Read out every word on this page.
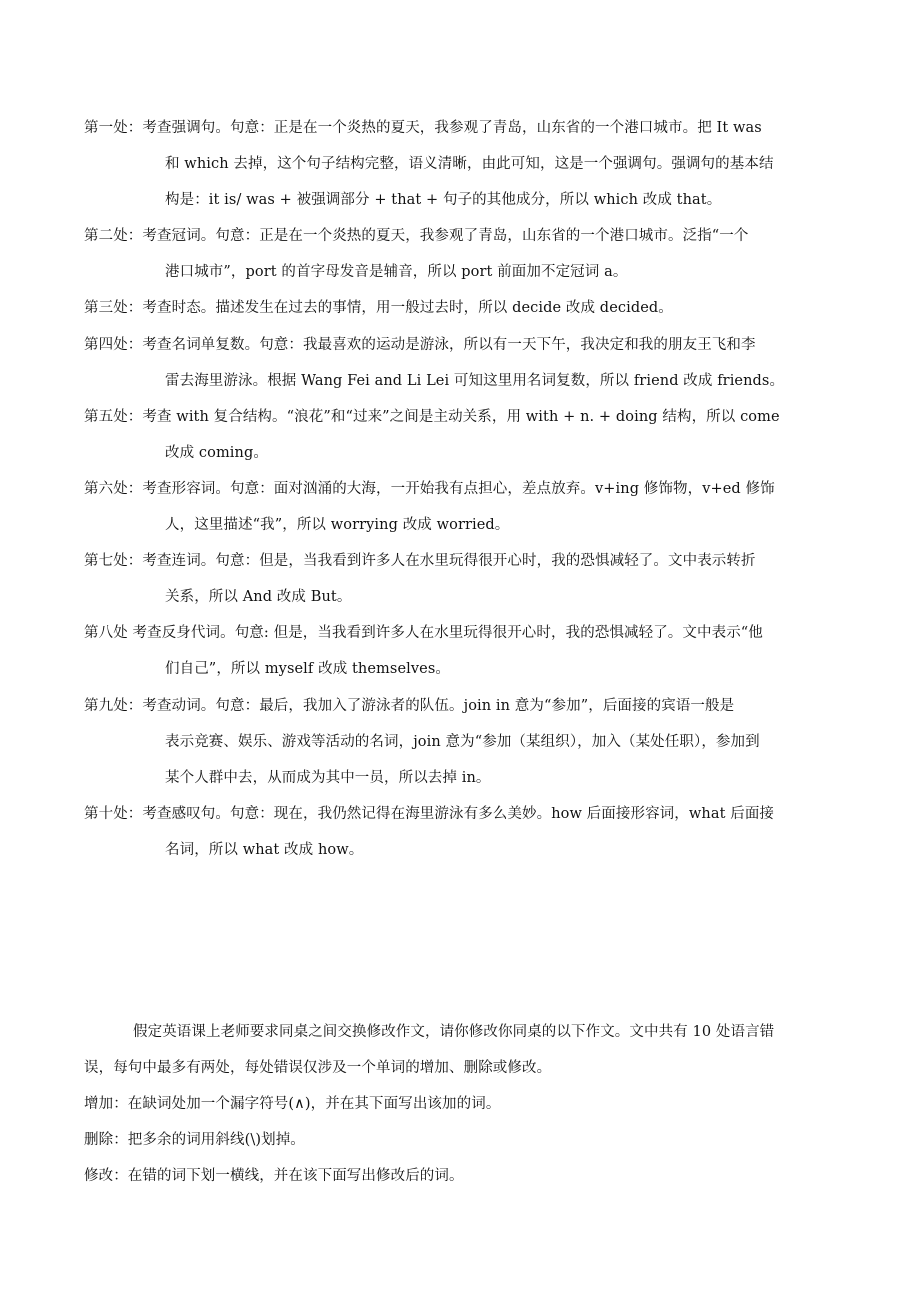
第一处：考查强调句。句意：正是在一个炎热的夏天，我参观了青岛，山东省的一个港口城市。把 It was
和 which 去掉，这个句子结构完整，语义清晰，由此可知，这是一个强调句。强调句的基本结
构是：it is/ was + 被强调部分 + that + 句子的其他成分，所以 which 改成 that。
第二处：考查冠词。句意：正是在一个炎热的夏天，我参观了青岛，山东省的一个港口城市。泛指“一个
港口城市”，port 的首字母发音是辅音，所以 port 前面加不定冠词 a。
第三处：考查时态。描述发生在过去的事情，用一般过去时，所以 decide 改成 decided。
第四处：考查名词单复数。句意：我最喜欢的运动是游泳，所以有一天下午，我决定和我的朋友王飞和李
雷去海里游泳。根据 Wang Fei and Li Lei 可知这里用名词复数，所以 friend 改成 friends。
第五处：考查 with 复合结构。“浪花”和“过来”之间是主动关系，用 with + n. + doing 结构，所以 come
改成 coming。
第六处：考查形容词。句意：面对汹涌的大海，一开始我有点担心，差点放弃。v+ing 修饰物，v+ed 修饰
人，这里描述“我”，所以 worrying 改成 worried。
第七处：考查连词。句意：但是，当我看到许多人在水里玩得很开心时，我的恐惧减轻了。文中表示转折
关系，所以 And 改成 But。
第八处 考查反身代词。句意: 但是，当我看到许多人在水里玩得很开心时，我的恐惧减轻了。文中表示“他
们自己”，所以 myself 改成 themselves。
第九处：考查动词。句意：最后，我加入了游泳者的队伍。join in 意为“参加”，后面接的宾语一般是
表示竞赛、娱乐、游戏等活动的名词，join 意为“参加（某组织），加入（某处任职），参加到
某个人群中去，从而成为其中一员，所以去掉 in。
第十处：考查感叹句。句意：现在，我仍然记得在海里游泳有多么美妙。how 后面接形容词，what 后面接
名词，所以 what 改成 how。
假定英语课上老师要求同桌之间交换修改作文，请你修改你同桌的以下作文。文中共有 10 处语言错
误，每句中最多有两处，每处错误仅涉及一个单词的增加、删除或修改。
增加：在缺词处加一个漏字符号(∧)，并在其下面写出该加的词。
删除：把多余的词用斜线(\)划掉。
修改：在错的词下划一横线，并在该下面写出修改后的词。
